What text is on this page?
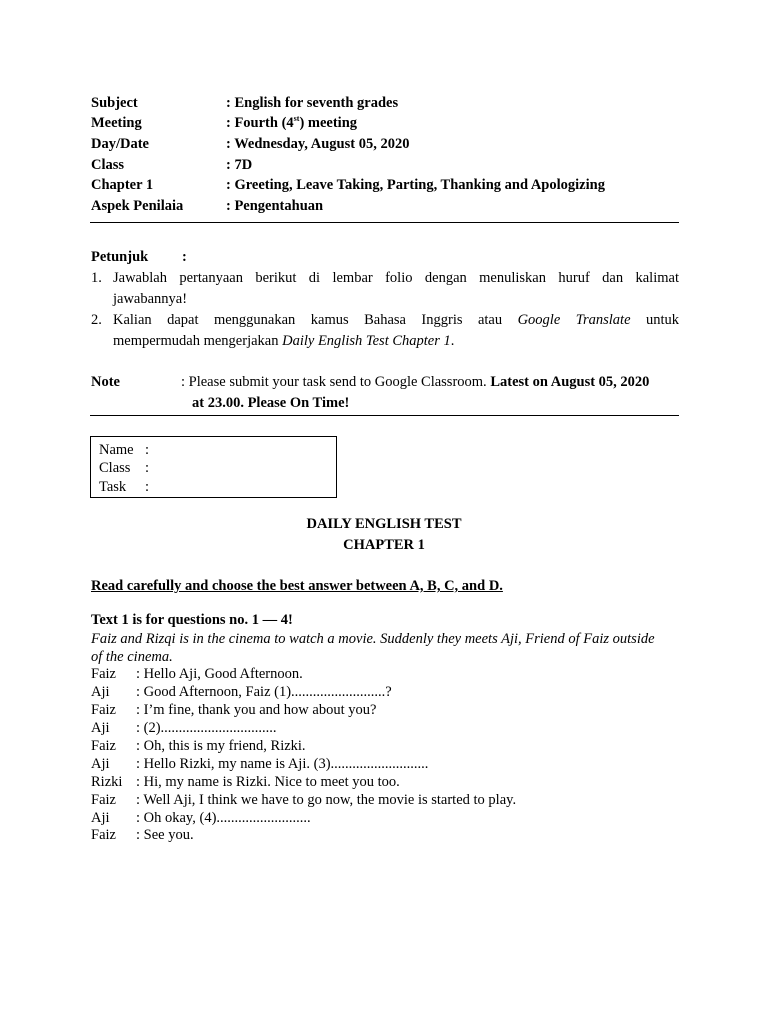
Subject	: English for seventh grades
Meeting	: Fourth (4st) meeting
Day/Date	: Wednesday, August 05, 2020
Class	: 7D
Chapter 1	: Greeting, Leave Taking, Parting, Thanking and Apologizing
Aspek Penilaia	: Pengentahuan
Petunjuk :
1. Jawablah pertanyaan berikut di lembar folio dengan menuliskan huruf dan kalimat
jawabannya!
2. Kalian dapat menggunakan kamus Bahasa Inggris atau Google Translate untuk
mempermudah mengerjakan Daily English Test Chapter 1.
Note	: Please submit your task send to Google Classroom. Latest on August 05, 2020
at 23.00. Please On Time!
Name :
Class :
Task :
DAILY ENGLISH TEST
CHAPTER 1
Read carefully and choose the best answer between A, B, C, and D.
Text 1 is for questions no. 1 — 4!
Faiz and Rizqi is in the cinema to watch a movie. Suddenly they meets Aji, Friend of Faiz outside
of the cinema.
Faiz	: Hello Aji, Good Afternoon.
Aji	: Good Afternoon, Faiz (1)..........................?
Faiz	: I’m fine, thank you and how about you?
Aji	: (2)................................
Faiz	: Oh, this is my friend, Rizki.
Aji	: Hello Rizki, my name is Aji. (3)...........................
Rizki : Hi, my name is Rizki. Nice to meet you too.
Faiz	: Well Aji, I think we have to go now, the movie is started to play.
Aji	: Oh okay, (4)..........................
Faiz	: See you.
